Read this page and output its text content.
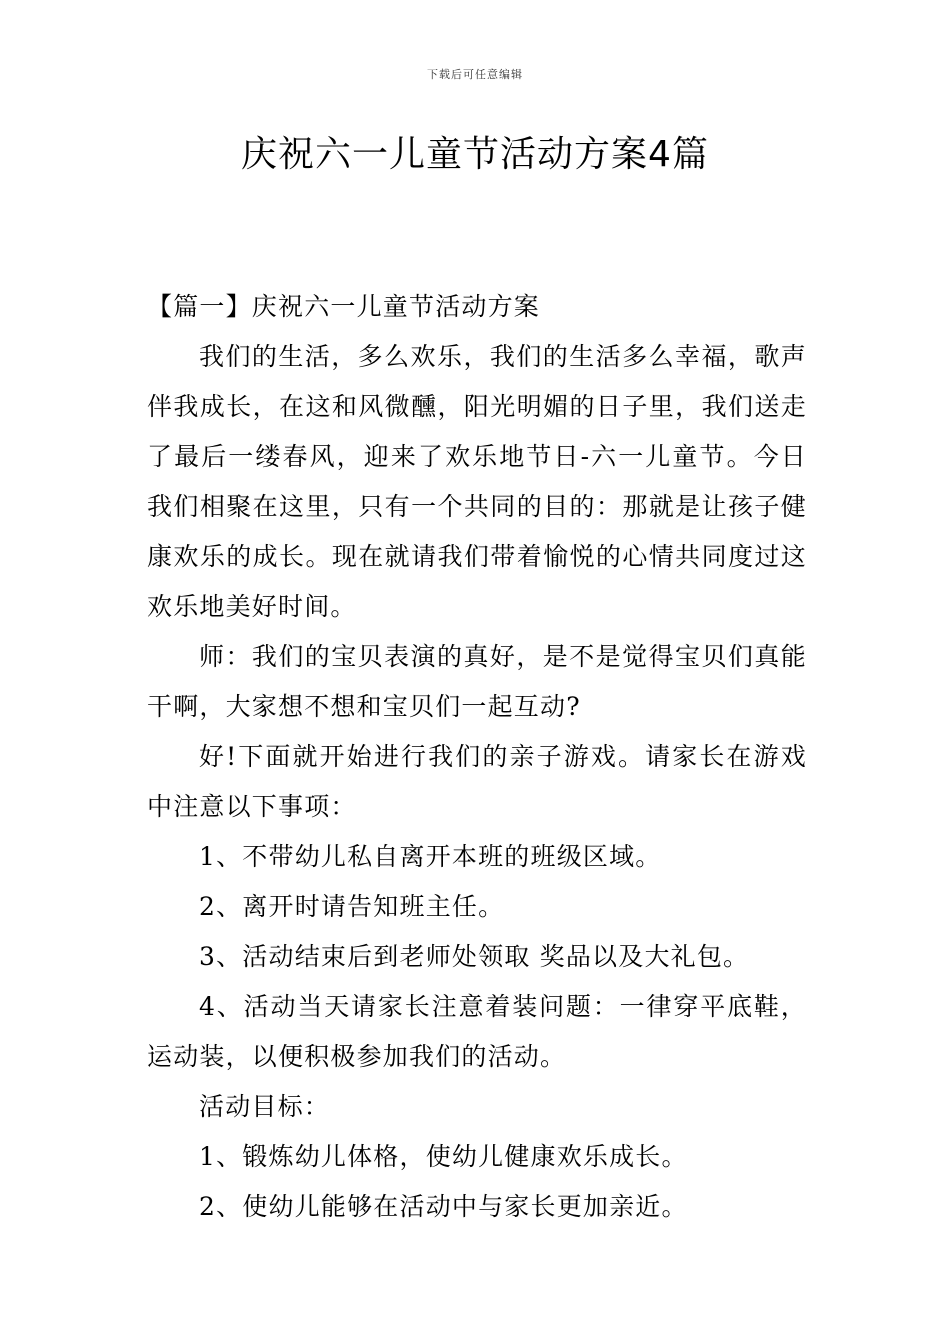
下载后可任意编辑
庆祝六一儿童节活动方案4篇

【篇一】庆祝六一儿童节活动方案

我们的生活，多么欢乐，我们的生活多么幸福，歌声伴我成长，在这和风微醺，阳光明媚的日子里，我们送走了最后一缕春风，迎来了欢乐地节日-六一儿童节。今日我们相聚在这里，只有一个共同的目的：那就是让孩子健康欢乐的成长。现在就请我们带着愉悦的心情共同度过这欢乐地美好时间。

师：我们的宝贝表演的真好，是不是觉得宝贝们真能干啊，大家想不想和宝贝们一起互动?

好!下面就开始进行我们的亲子游戏。请家长在游戏中注意以下事项：

1、不带幼儿私自离开本班的班级区域。

2、离开时请告知班主任。

3、活动结束后到老师处领取 奖品以及大礼包。

4、活动当天请家长注意着装问题：一律穿平底鞋，运动装，以便积极参加我们的活动。

活动目标：

1、锻炼幼儿体格，使幼儿健康欢乐成长。

2、使幼儿能够在活动中与家长更加亲近。
